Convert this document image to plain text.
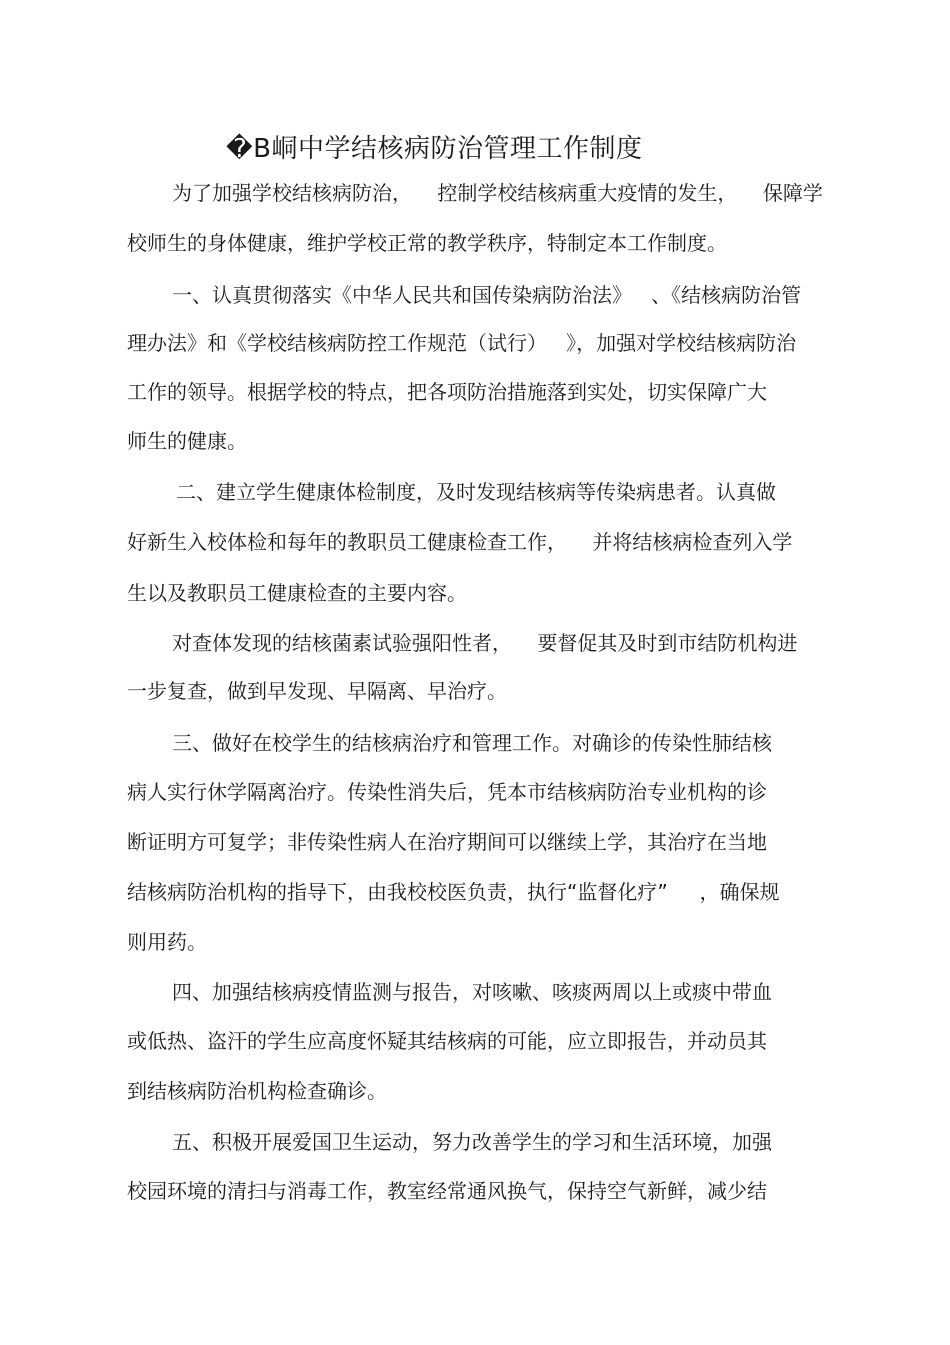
�B峒中学结核病防治管理工作制度
为了加强学校结核病防治，    控制学校结核病重大疫情的发生，    保障学
校师生的身体健康，维护学校正常的教学秩序，特制定本工作制度。
一、认真贯彻落实《中华人民共和国传染病防治法》   、《结核病防治管
理办法》和《学校结核病防控工作规范（试行）   》，加强对学校结核病防治
工作的领导。根据学校的特点，把各项防治措施落到实处，切实保障广大
师生的健康。
二、建立学生健康体检制度，及时发现结核病等传染病患者。认真做
好新生入校体检和每年的教职员工健康检查工作，    并将结核病检查列入学
生以及教职员工健康检查的主要内容。
对查体发现的结核菌素试验强阳性者，    要督促其及时到市结防机构进
一步复查，做到早发现、早隔离、早治疗。
三、做好在校学生的结核病治疗和管理工作。对确诊的传染性肺结核
病人实行休学隔离治疗。传染性消失后，凭本市结核病防治专业机构的诊
断证明方可复学；非传染性病人在治疗期间可以继续上学，其治疗在当地
结核病防治机构的指导下，由我校校医负责，执行“监督化疗”     ，确保规
则用药。
四、加强结核病疫情监测与报告，对咳嗽、咳痰两周以上或痰中带血
或低热、盗汗的学生应高度怀疑其结核病的可能，应立即报告，并动员其
到结核病防治机构检查确诊。
五、积极开展爱国卫生运动，努力改善学生的学习和生活环境，加强
校园环境的清扫与消毒工作，教室经常通风换气，保持空气新鲜，减少结
